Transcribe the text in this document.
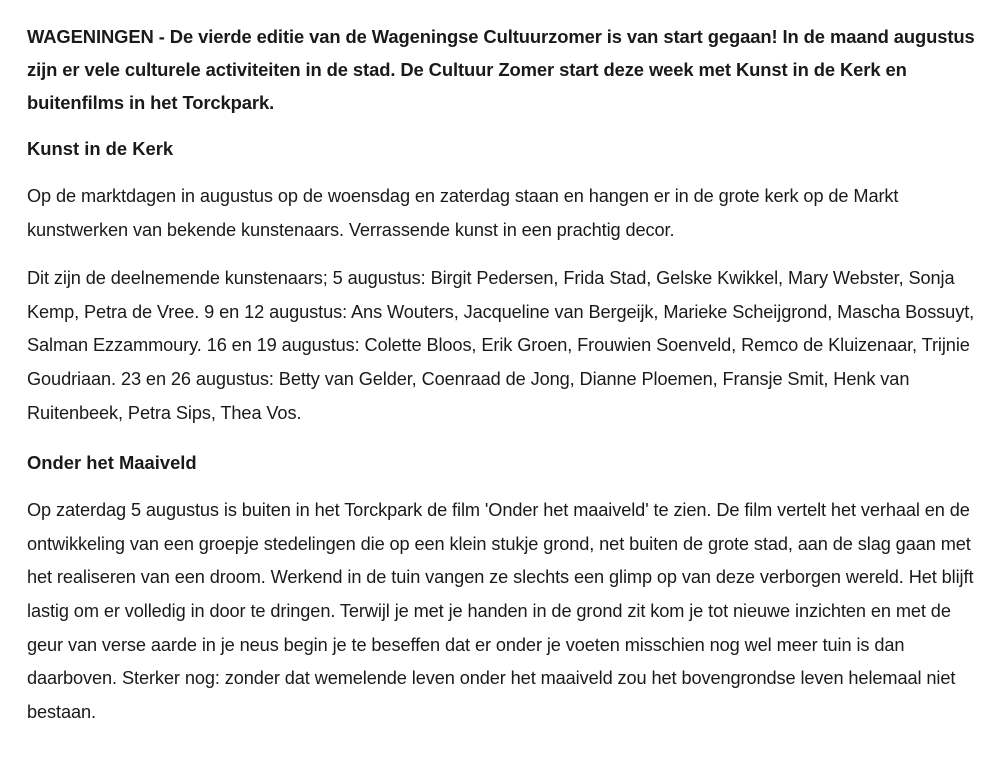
WAGENINGEN - De vierde editie van de Wageningse Cultuurzomer is van start gegaan! In de maand augustus zijn er vele culturele activiteiten in de stad. De Cultuur Zomer start deze week met Kunst in de Kerk en buitenfilms in het Torckpark.

Kunst in de Kerk

Op de marktdagen in augustus op de woensdag en zaterdag staan en hangen er in de grote kerk op de Markt kunstwerken van bekende kunstenaars. Verrassende kunst in een prachtig decor.

Dit zijn de deelnemende kunstenaars; 5 augustus: Birgit Pedersen, Frida Stad, Gelske Kwikkel, Mary Webster, Sonja Kemp, Petra de Vree. 9 en 12 augustus: Ans Wouters, Jacqueline van Bergeijk, Marieke Scheijgrond, Mascha Bossuyt, Salman Ezzammoury. 16 en 19 augustus: Colette Bloos, Erik Groen, Frouwien Soenveld, Remco de Kluizenaar, Trijnie Goudriaan. 23 en 26 augustus: Betty van Gelder, Coenraad de Jong, Dianne Ploemen, Fransje Smit, Henk van Ruitenbeek, Petra Sips, Thea Vos.

Onder het Maaiveld

Op zaterdag 5 augustus is buiten in het Torckpark de film 'Onder het maaiveld' te zien. De film vertelt het verhaal en de ontwikkeling van een groepje stedelingen die op een klein stukje grond, net buiten de grote stad, aan de slag gaan met het realiseren van een droom. Werkend in de tuin vangen ze slechts een glimp op van deze verborgen wereld. Het blijft lastig om er volledig in door te dringen. Terwijl je met je handen in de grond zit kom je tot nieuwe inzichten en met de geur van verse aarde in je neus begin je te beseffen dat er onder je voeten misschien nog wel meer tuin is dan daarboven. Sterker nog: zonder dat wemelende leven onder het maaiveld zou het bovengrondse leven helemaal niet bestaan.
